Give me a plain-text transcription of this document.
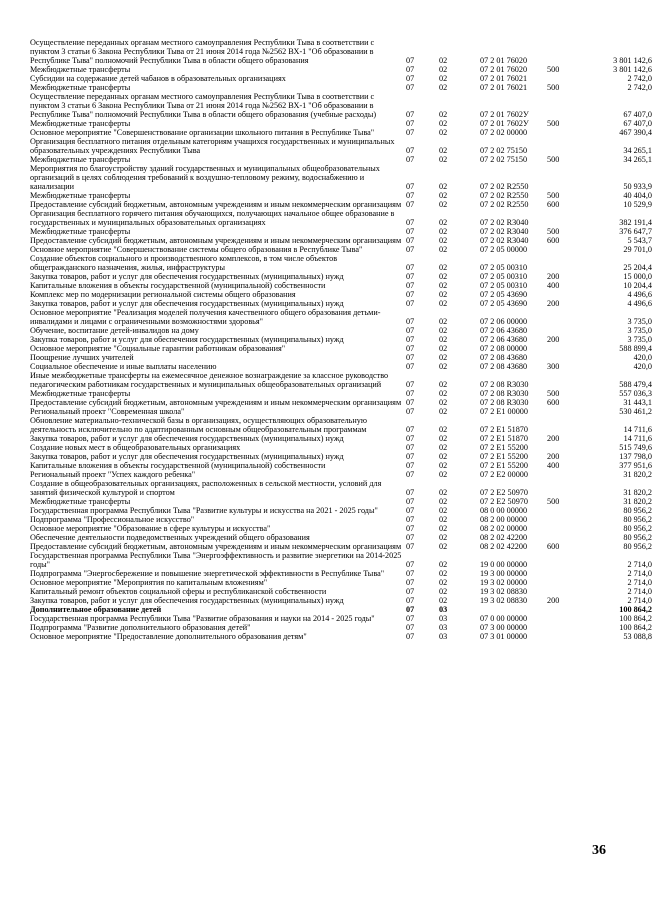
Осуществление переданных органам местного самоуправления Республики Тыва в соответствии с пунктом 3 статьи 6 Закона Республики Тыва от 21 июня 2014 года №2562 ВХ-1 "Об образовании в Республике Тыва" полномочий Республики Тыва в области общего образования	07	02	07 2 01 76020		3 801 142,6
Межбюджетные трансферты	07	02	07 2 01 76020	500	3 801 142,6
Субсидии на содержание детей чабанов в образовательных организациях	07	02	07 2 01 76021		2 742,0
Межбюджетные трансферты	07	02	07 2 01 76021	500	2 742,0
Осуществление переданных органам местного самоуправления Республики Тыва в соответствии с пунктом 3 статьи 6 Закона Республики Тыва от 21 июня 2014 года №2562 ВХ-1 "Об образовании в Республике Тыва" полномочий Республики Тыва в области общего образования (учебные расходы)	07	02	07 2 01 7602У		67 407,0
Межбюджетные трансферты	07	02	07 2 01 7602У	500	67 407,0
Основное мероприятие "Совершенствование организации школьного питания в Республике Тыва"	07	02	07 2 02 00000		467 390,4
Организация бесплатного питания отдельным категориям учащихся государственных и муниципальных образовательных учреждениях Республики Тыва	07	02	07 2 02 75150		34 265,1
Межбюджетные трансферты	07	02	07 2 02 75150	500	34 265,1
Мероприятия по благоустройству зданий государственных и муниципальных общеобразовательных организаций в целях соблюдения требований к воздушно-тепловому режиму, водоснабжению и канализации	07	02	07 2 02 R2550		50 933,9
Межбюджетные трансферты	07	02	07 2 02 R2550	500	40 404,0
Предоставление субсидий бюджетным, автономным учреждениям и иным некоммерческим организациям	07	02	07 2 02 R2550	600	10 529,9
Организация бесплатного горячего питания обучающихся, получающих начальное общее образование в государственных и муниципальных образовательных организациях	07	02	07 2 02 R3040		382 191,4
Межбюджетные трансферты	07	02	07 2 02 R3040	500	376 647,7
Предоставление субсидий бюджетным, автономным учреждениям и иным некоммерческим организациям	07	02	07 2 02 R3040	600	5 543,7
Основное мероприятие "Совершенствование системы общего образования в Республике Тыва"	07	02	07 2 05 00000		29 701,0
Создание объектов социального и производственного комплексов, в том числе объектов общегражданского назначения, жилья, инфраструктуры	07	02	07 2 05 00310		25 204,4
Закупка товаров, работ и услуг для обеспечения государственных (муниципальных) нужд	07	02	07 2 05 00310	200	15 000,0
Капитальные вложения в объекты государственной (муниципальной) собственности	07	02	07 2 05 00310	400	10 204,4
Комплекс мер по модернизации региональной системы общего образования	07	02	07 2 05 43690		4 496,6
Закупка товаров, работ и услуг для обеспечения государственных (муниципальных) нужд	07	02	07 2 05 43690	200	4 496,6
Основное мероприятие "Реализация моделей получения качественного общего образования детьми-инвалидами и лицами с ограниченными возможностями здоровья"	07	02	07 2 06 00000		3 735,0
Обучение, воспитание детей-инвалидов на дому	07	02	07 2 06 43680		3 735,0
Закупка товаров, работ и услуг для обеспечения государственных (муниципальных) нужд	07	02	07 2 06 43680	200	3 735,0
Основное мероприятие "Социальные гарантии работникам образования"	07	02	07 2 08 00000		588 899,4
Поощрение лучших учителей	07	02	07 2 08 43680		420,0
Социальное обеспечение и иные выплаты населению	07	02	07 2 08 43680	300	420,0
Иные межбюджетные трансферты на ежемесячное денежное вознаграждение за классное руководство педагогическим работникам государственных и муниципальных общеобразовательных организаций	07	02	07 2 08 R3030		588 479,4
Межбюджетные трансферты	07	02	07 2 08 R3030	500	557 036,3
Предоставление субсидий бюджетным, автономным учреждениям и иным некоммерческим организациям	07	02	07 2 08 R3030	600	31 443,1
Региональный проект "Современная школа"	07	02	07 2 E1 00000		530 461,2
Обновление материально-технической базы в организациях, осуществляющих образовательную деятельность исключительно по адаптированным основным общеобразовательным программам	07	02	07 2 E1 51870		14 711,6
Закупка товаров, работ и услуг для обеспечения государственных (муниципальных) нужд	07	02	07 2 E1 51870	200	14 711,6
Создание новых мест в общеобразовательных организациях	07	02	07 2 E1 55200		515 749,6
Закупка товаров, работ и услуг для обеспечения государственных (муниципальных) нужд	07	02	07 2 E1 55200	200	137 798,0
Капитальные вложения в объекты государственной (муниципальной) собственности	07	02	07 2 E1 55200	400	377 951,6
Региональный проект "Успех каждого ребенка"	07	02	07 2 E2 00000		31 820,2
Создание в общеобразовательных организациях, расположенных в сельской местности, условий для занятий физической культурой и спортом	07	02	07 2 E2 50970		31 820,2
Межбюджетные трансферты	07	02	07 2 E2 50970	500	31 820,2
Государственная программа Республики Тыва "Развитие культуры и искусства на 2021 - 2025 годы"	07	02	08 0 00 00000		80 956,2
Подпрограмма "Профессиональное искусство"	07	02	08 2 00 00000		80 956,2
Основное мероприятие "Образование в сфере культуры и искусства"	07	02	08 2 02 00000		80 956,2
Обеспечение деятельности подведомственных учреждений общего образования	07	02	08 2 02 42200		80 956,2
Предоставление субсидий бюджетным, автономным учреждениям и иным некоммерческим организациям	07	02	08 2 02 42200	600	80 956,2
Государственная программа Республики Тыва "Энергоэффективность и развитие энергетики на 2014-2025 годы"	07	02	19 0 00 00000		2 714,0
Подпрограмма "Энергосбережение и повышение энергетической эффективности в Республике Тыва"	07	02	19 3 00 00000		2 714,0
Основное мероприятие "Мероприятия по капитальным вложениям"	07	02	19 3 02 00000		2 714,0
Капитальный ремонт объектов социальной сферы и республиканской собственности	07	02	19 3 02 08830		2 714,0
Закупка товаров, работ и услуг для обеспечения государственных (муниципальных) нужд	07	02	19 3 02 08830	200	2 714,0
Дополнительное образование детей	07	03			100 864,2
Государственная программа Республики Тыва "Развитие образования и науки на 2014 - 2025 годы"	07	03	07 0 00 00000		100 864,2
Подпрограмма "Развитие дополнительного образования детей"	07	03	07 3 00 00000		100 864,2
Основное мероприятие "Предоставление дополнительного образования детям"	07	03	07 3 01 00000		53 088,8
36
